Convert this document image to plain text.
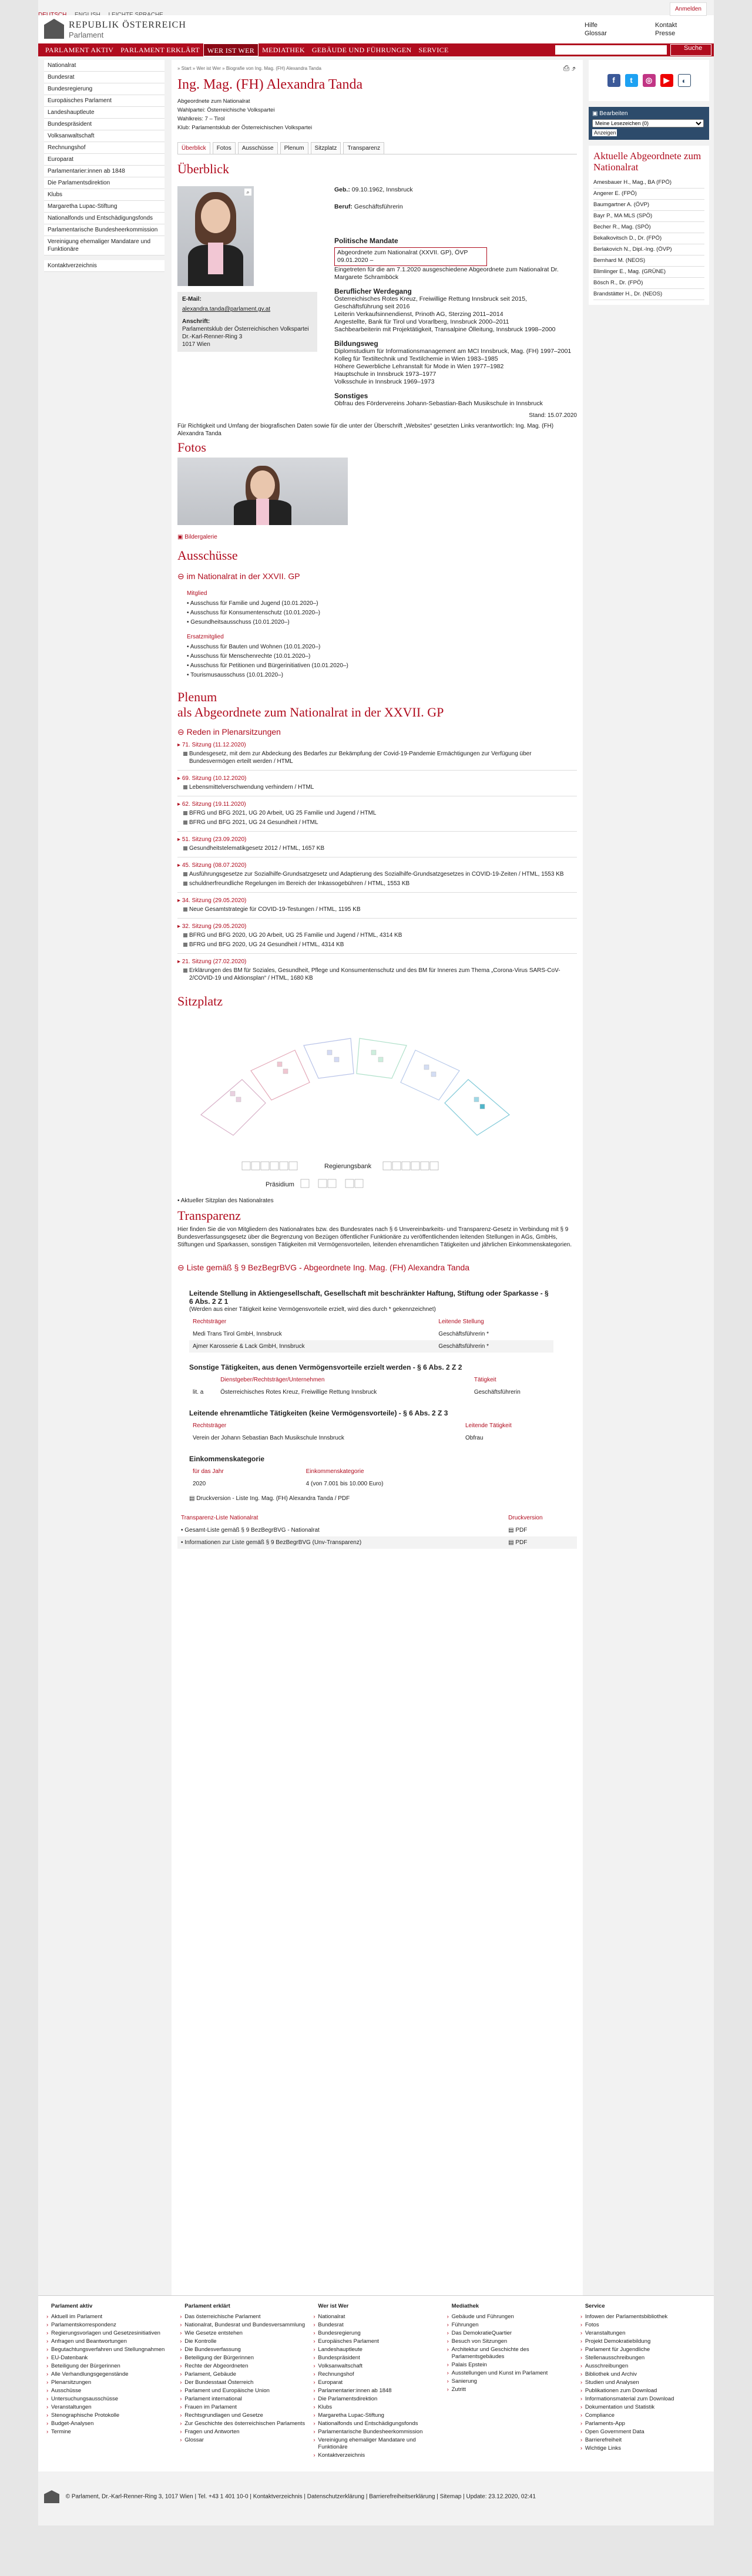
Anmelden
REPUBLIK ÖSTERREICH
Parlament
Hilfe
Glossar
Kontakt
Presse
PARLAMENT AKTIV	PARLAMENT ERKLÄRT	WER IST WER	MEDIATHEK	GEBÄUDE UND FÜHRUNGEN	SERVICE	Suche
Nationalrat
Bundesrat
Bundesregierung
Europäisches Parlament
Landeshauptleute
Bundespräsident
Volksanwaltschaft
Rechnungshof
Europarat
Parlamentarier:innen ab 1848
Die Parlamentsdirektion
Klubs
Margaretha Lupac-Stiftung
Nationalfonds und Entschädigungsfonds
Parlamentarische Bundesheerkommission
Vereinigung ehemaliger Mandatare und Funktionäre
Kontaktverzeichnis
» Start » Wer ist Wer » Biografie von Ing. Mag. (FH) Alexandra Tanda	⎙ ⤴
Ing. Mag. (FH) Alexandra Tanda
Abgeordnete zum Nationalrat
Wahlpartei: Österreichische Volkspartei
Wahlkreis: 7 – Tirol
Klub: Parlamentsklub der Österreichischen Volkspartei
Überblick	Fotos	Ausschüsse	Plenum	Sitzplatz	Transparenz
Überblick
⌕
E-Mail:
alexandra.tanda@parlament.gv.at
Anschrift:
Parlamentsklub der Österreichischen Volkspartei
Dr.-Karl-Renner-Ring 3
1017 Wien
Geb.: 09.10.1962, Innsbruck
Beruf: Geschäftsführerin
Politische Mandate
Abgeordnete zum Nationalrat (XXVII. GP), ÖVP 09.01.2020 –
Eingetreten für die am 7.1.2020 ausgeschiedene Abgeordnete zum Nationalrat Dr. Margarete Schramböck
Beruflicher Werdegang
Österreichisches Rotes Kreuz, Freiwillige Rettung Innsbruck seit 2015, Geschäftsführung seit 2016
Leiterin Verkaufsinnendienst, Prinoth AG, Sterzing 2011–2014
Angestellte, Bank für Tirol und Vorarlberg, Innsbruck 2000–2011
Sachbearbeiterin mit Projektätigkeit, Transalpine Ölleitung, Innsbruck 1998–2000
Bildungsweg
Diplomstudium für Informationsmanagement am MCI Innsbruck, Mag. (FH) 1997–2001
Kolleg für Textiltechnik und Textilchemie in Wien 1983–1985
Höhere Gewerbliche Lehranstalt für Mode in Wien 1977–1982
Hauptschule in Innsbruck 1973–1977
Volksschule in Innsbruck 1969–1973
Sonstiges
Obfrau des Fördervereins Johann-Sebastian-Bach Musikschule in Innsbruck
Stand: 15.07.2020
Für Richtigkeit und Umfang der biografischen Daten sowie für die unter der Überschrift „Websites“ gesetzten Links verantwortlich: Ing. Mag. (FH) Alexandra Tanda
Fotos
▣ Bildergalerie
Ausschüsse
⊖ im Nationalrat in der XXVII. GP
Mitglied
• Ausschuss für Familie und Jugend (10.01.2020–)
• Ausschuss für Konsumentenschutz (10.01.2020–)
• Gesundheitsausschuss (10.01.2020–)
Ersatzmitglied
• Ausschuss für Bauten und Wohnen (10.01.2020–)
• Ausschuss für Menschenrechte (10.01.2020–)
• Ausschuss für Petitionen und Bürgerinitiativen (10.01.2020–)
• Tourismusausschuss (10.01.2020–)
Plenum
als Abgeordnete zum Nationalrat in der XXVII. GP
⊖ Reden in Plenarsitzungen
▸ 71. Sitzung (11.12.2020)
Bundesgesetz, mit dem zur Abdeckung des Bedarfes zur Bekämpfung der Covid-19-Pandemie Ermächtigungen zur Verfügung über Bundesvermögen erteilt werden / HTML
▸ 69. Sitzung (10.12.2020)
Lebensmittelverschwendung verhindern / HTML
▸ 62. Sitzung (19.11.2020)
BFRG und BFG 2021, UG 20 Arbeit, UG 25 Familie und Jugend / HTML
BFRG und BFG 2021, UG 24 Gesundheit / HTML
▸ 51. Sitzung (23.09.2020)
Gesundheitstelematikgesetz 2012 / HTML, 1657 KB
▸ 45. Sitzung (08.07.2020)
Ausführungsgesetze zur Sozialhilfe-Grundsatzgesetz und Adaptierung des Sozialhilfe-Grundsatzgesetzes in COVID-19-Zeiten / HTML, 1553 KB
schuldnerfreundliche Regelungen im Bereich der Inkassogebühren / HTML, 1553 KB
▸ 34. Sitzung (29.05.2020)
Neue Gesamtstrategie für COVID-19-Testungen / HTML, 1195 KB
▸ 32. Sitzung (29.05.2020)
BFRG und BFG 2020, UG 20 Arbeit, UG 25 Familie und Jugend / HTML, 4314 KB
BFRG und BFG 2020, UG 24 Gesundheit / HTML, 4314 KB
▸ 21. Sitzung (27.02.2020)
Erklärungen des BM für Soziales, Gesundheit, Pflege und Konsumentenschutz und des BM für Inneres zum Thema „Corona-Virus SARS-CoV-2/COVID-19 und Aktionsplan“ / HTML, 1680 KB
Sitzplatz
Regierungsbank
Präsidium
• Aktueller Sitzplan des Nationalrates
Transparenz
Hier finden Sie die von Mitgliedern des Nationalrates bzw. des Bundesrates nach § 6 Unvereinbarkeits- und Transparenz-Gesetz in Verbindung mit § 9 Bundesverfassungsgesetz über die Begrenzung von Bezügen öffentlicher Funktionäre zu veröffentlichenden leitenden Stellungen in AGs, GmbHs, Stiftungen und Sparkassen, sonstigen Tätigkeiten mit Vermögensvorteilen, leitenden ehrenamtlichen Tätigkeiten und jährlichen Einkommenskategorien.
⊖ Liste gemäß § 9 BezBegrBVG - Abgeordnete Ing. Mag. (FH) Alexandra Tanda
Leitende Stellung in Aktiengesellschaft, Gesellschaft mit beschränkter Haftung, Stiftung oder Sparkasse - § 6 Abs. 2 Z 1
(Werden aus einer Tätigkeit keine Vermögensvorteile erzielt, wird dies durch * gekennzeichnet)
Rechtsträger	Leitende Stellung
Medi Trans Tirol GmbH, Innsbruck	Geschäftsführerin *
Ajmer Karosserie & Lack GmbH, Innsbruck	Geschäftsführerin *
Sonstige Tätigkeiten, aus denen Vermögensvorteile erzielt werden - § 6 Abs. 2 Z 2
	Dienstgeber/Rechtsträger/Unternehmen	Tätigkeit
lit. a	Österreichisches Rotes Kreuz, Freiwillige Rettung Innsbruck	Geschäftsführerin
Leitende ehrenamtliche Tätigkeiten (keine Vermögensvorteile) - § 6 Abs. 2 Z 3
Rechtsträger	Leitende Tätigkeit
Verein der Johann Sebastian Bach Musikschule Innsbruck	Obfrau
Einkommenskategorie
für das Jahr	Einkommenskategorie
2020	4 (von 7.001 bis 10.000 Euro)
▤ Druckversion - Liste Ing. Mag. (FH) Alexandra Tanda / PDF
Transparenz-Liste Nationalrat	Druckversion
• Gesamt-Liste gemäß § 9 BezBegrBVG - Nationalrat	▤ PDF
• Informationen zur Liste gemäß § 9 BezBegrBVG (Unv-Transparenz)	▤ PDF
f	t	◎	▶	◐
▣ Bearbeiten
Meine Lesezeichen (0)
Anzeigen
Aktuelle Abgeordnete zum Nationalrat
Amesbauer H., Mag., BA (FPÖ)
Angerer E. (FPÖ)
Baumgartner A. (ÖVP)
Bayr P., MA MLS (SPÖ)
Becher R., Mag. (SPÖ)
Bekalkovitsch D., Dr. (FPÖ)
Berlakovich N., Dipl.-Ing. (ÖVP)
Bernhard M. (NEOS)
Blimlinger E., Mag. (GRÜNE)
Bösch R., Dr. (FPÖ)
Brandstätter H., Dr. (NEOS)
Parlament aktiv
› Aktuell im Parlament
› Parlamentskorrespondenz
› Regierungsvorlagen und Gesetzesinitiativen
› Anfragen und Beantwortungen
› Begutachtungsverfahren und Stellungnahmen
› EU-Datenbank
› Beteiligung der Bürgerinnen
› Alle Verhandlungsgegenstände
› Plenarsitzungen
› Ausschüsse
› Untersuchungsausschüsse
› Veranstaltungen
› Stenographische Protokolle
› Budget-Analysen
› Termine
Parlament erklärt
› Das österreichische Parlament
› Nationalrat, Bundesrat und Bundesversammlung
› Wie Gesetze entstehen
› Die Kontrolle
› Die Bundesverfassung
› Beteiligung der Bürgerinnen
› Rechte der Abgeordneten
› Parlament, Gebäude
› Der Bundesstaat Österreich
› Parlament und Europäische Union
› Parlament international
› Frauen im Parlament
› Rechtsgrundlagen und Gesetze
› Zur Geschichte des österreichischen Parlaments
› Fragen und Antworten
› Glossar
Wer ist Wer
› Nationalrat
› Bundesrat
› Bundesregierung
› Europäisches Parlament
› Landeshauptleute
› Bundespräsident
› Volksanwaltschaft
› Rechnungshof
› Europarat
› Parlamentarier:innen ab 1848
› Die Parlamentsdirektion
› Klubs
› Margaretha Lupac-Stiftung
› Nationalfonds und Entschädigungsfonds
› Parlamentarische Bundesheerkommission
› Vereinigung ehemaliger Mandatare und Funktionäre
› Kontaktverzeichnis
Mediathek
› Gebäude und Führungen
› Führungen
› Das DemokratieQuartier
› Besuch von Sitzungen
› Architektur und Geschichte des Parlamentsgebäudes
› Palais Epstein
› Ausstellungen und Kunst im Parlament
› Sanierung
› Zutritt
Service
› Infowen der Parlamentsbibliothek
› Fotos
› Veranstaltungen
› Projekt Demokratiebildung
› Parlament für Jugendliche
› Stellenausschreibungen
› Ausschreibungen
› Bibliothek und Archiv
› Studien und Analysen
› Publikationen zum Download
› Informationsmaterial zum Download
› Dokumentation und Statistik
› Compliance
› Parlaments-App
› Open Government Data
› Barrierefreiheit
› Wichtige Links
© Parlament, Dr.-Karl-Renner-Ring 3, 1017 Wien | Tel. +43 1 401 10-0 | Kontaktverzeichnis | Datenschutzerklärung | Barrierefreiheitserklärung | Sitemap | Update: 23.12.2020, 02:41
